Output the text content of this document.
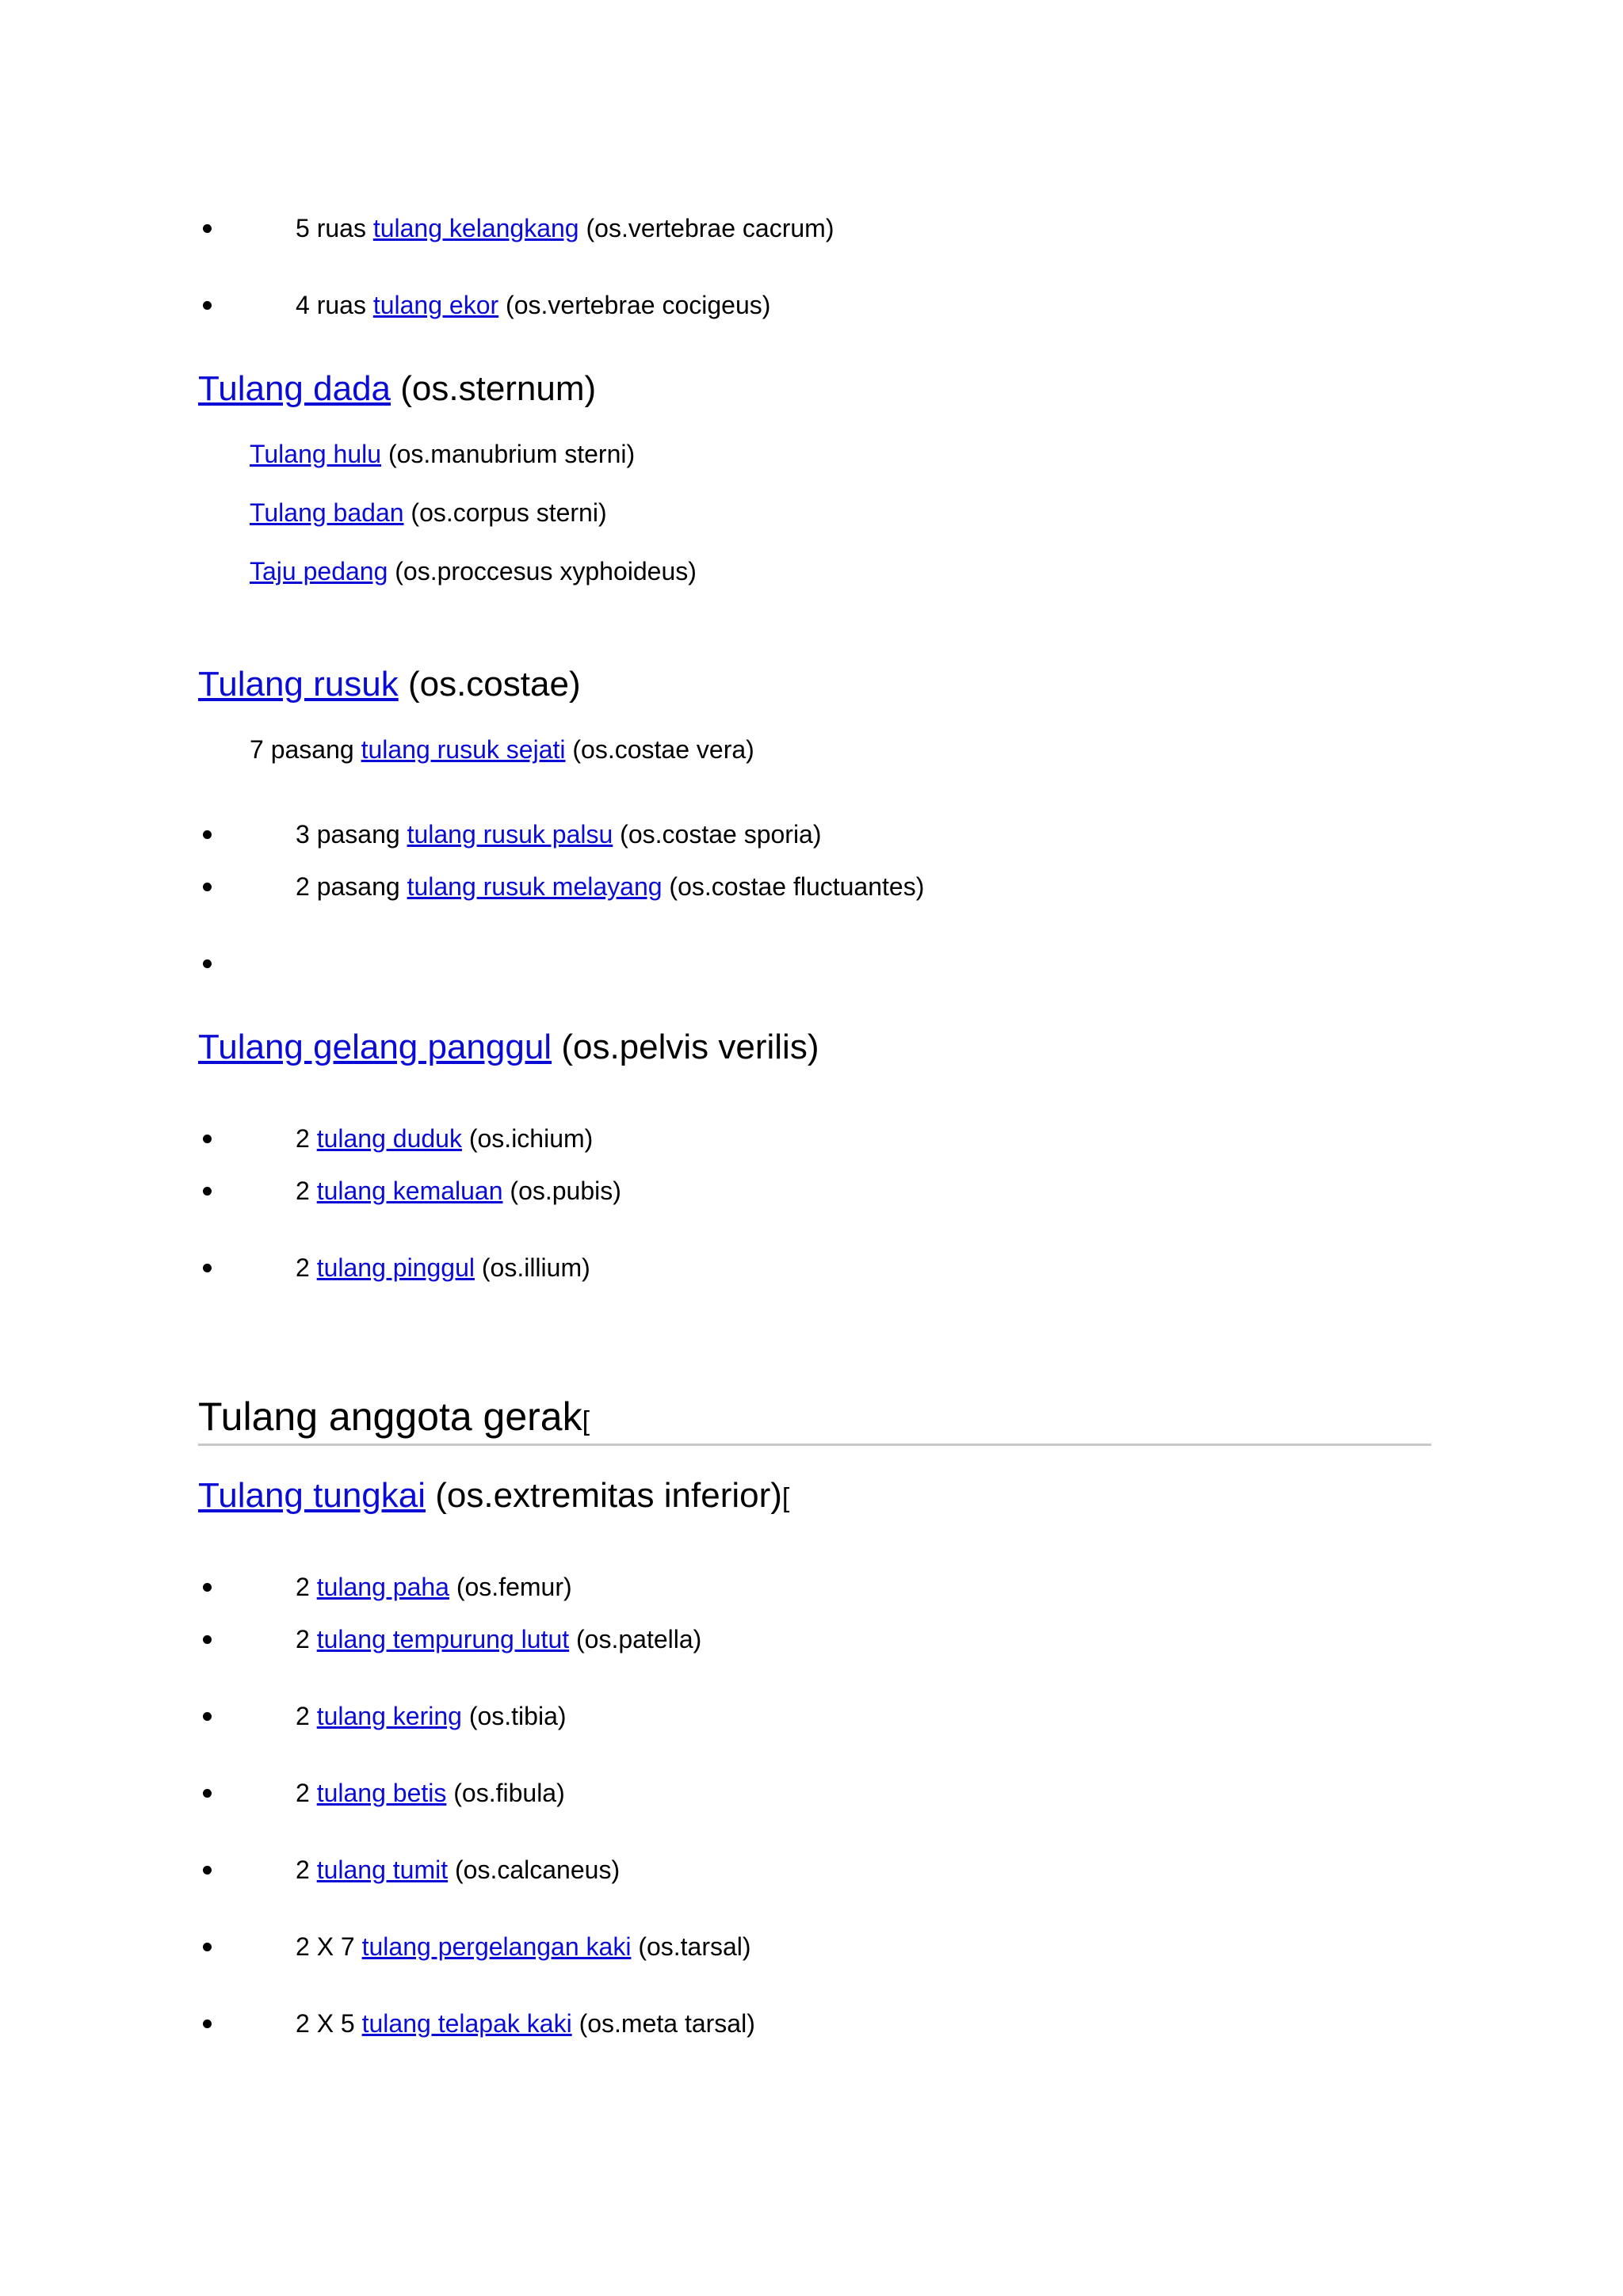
5 ruas tulang kelangkang (os.vertebrae cacrum)
4 ruas tulang ekor (os.vertebrae cocigeus)
Tulang dada (os.sternum)
Tulang hulu (os.manubrium sterni)
Tulang badan (os.corpus sterni)
Taju pedang (os.proccesus xyphoideus)
Tulang rusuk (os.costae)
7 pasang tulang rusuk sejati (os.costae vera)
3 pasang tulang rusuk palsu (os.costae sporia)
2 pasang tulang rusuk melayang (os.costae fluctuantes)
Tulang gelang panggul (os.pelvis verilis)
2 tulang duduk (os.ichium)
2 tulang kemaluan (os.pubis)
2 tulang pinggul (os.illium)
Tulang anggota gerak[
Tulang tungkai (os.extremitas inferior)[
2 tulang paha (os.femur)
2 tulang tempurung lutut (os.patella)
2 tulang kering (os.tibia)
2 tulang betis (os.fibula)
2 tulang tumit (os.calcaneus)
2 X 7 tulang pergelangan kaki (os.tarsal)
2 X 5 tulang telapak kaki (os.meta tarsal)
